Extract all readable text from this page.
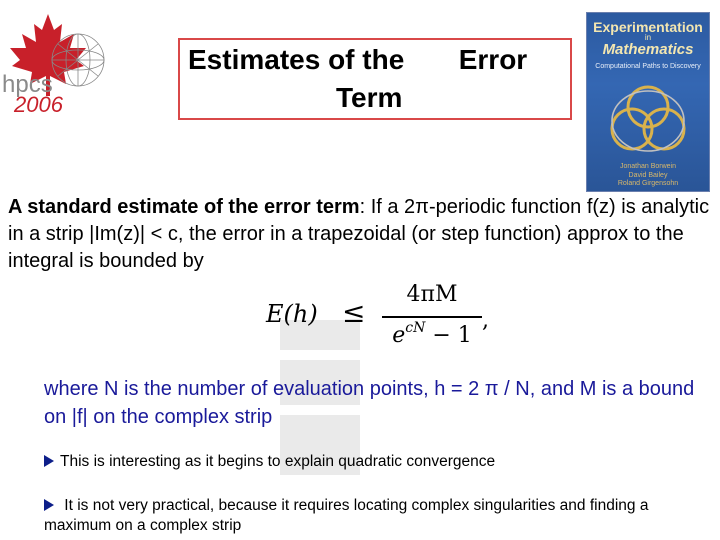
hpcs
2006
Estimates of the       Error
Term
Experimentation
in
Mathematics
Computational Paths to Discovery
Jonathan Borwein
David Bailey
Roland Girgensohn
A standard estimate of the error term: If a 2π-periodic function f(z) is analytic in a strip |Im(z)| < c, the error in a trapezoidal (or step function) approx to the integral is bounded by
E(h) ≤
4πM
$e^{cN} - 1$
,
where N is the number of evaluation points, h = 2 π / N, and M is a bound on |f| on the complex strip
This is interesting as it begins to explain quadratic convergence
It is not very practical, because it requires locating complex singularities and finding a maximum on a complex strip
